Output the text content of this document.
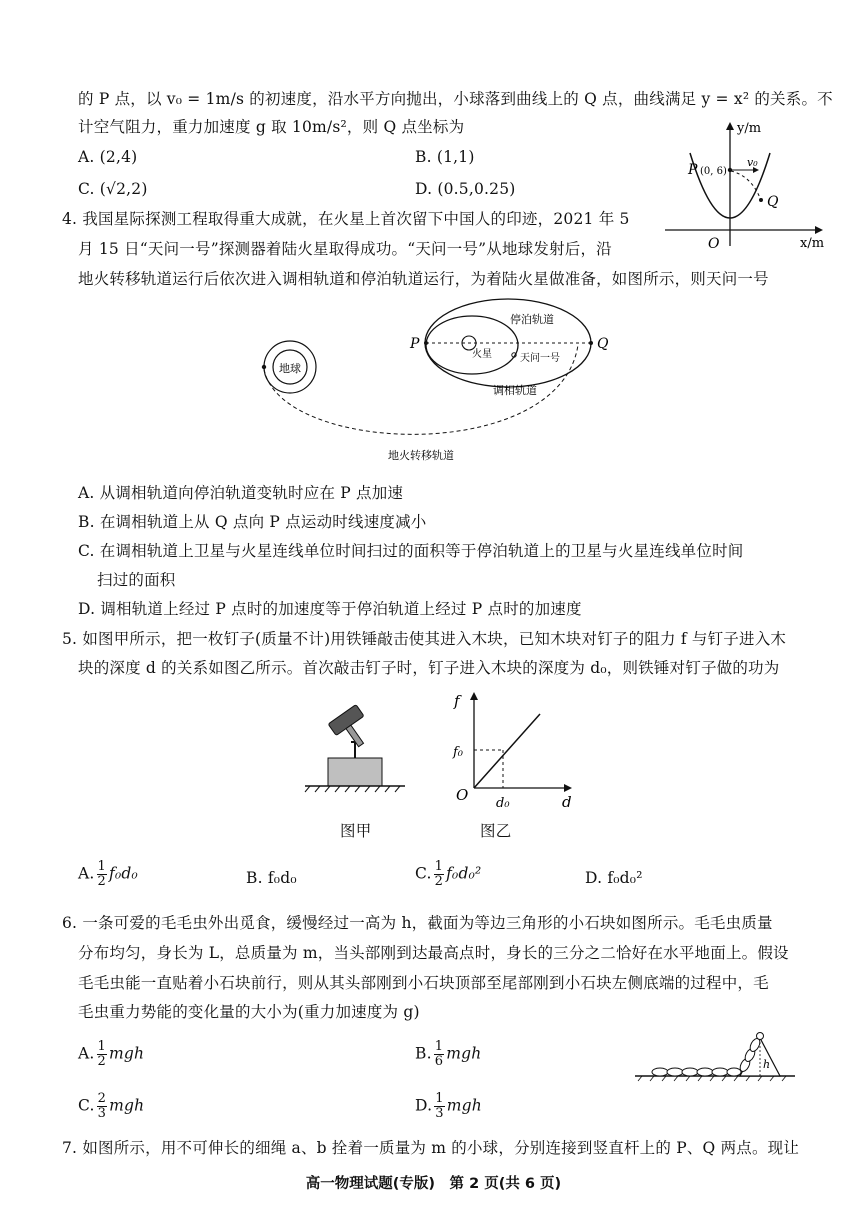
的 P 点，以 v₀ = 1m/s 的初速度，沿水平方向抛出，小球落到曲线上的 Q 点，曲线满足 y = x² 的关系。不
计空气阻力，重力加速度 g 取 10m/s²，则 Q 点坐标为
A. (2,4)	B. (1,1)
C. (√2,2)	D. (0.5,0.25)
y/m
x/m
O
P (0, 6)
v₀
Q
4. 我国星际探测工程取得重大成就，在火星上首次留下中国人的印迹，2021 年 5
月 15 日“天问一号”探测器着陆火星取得成功。“天问一号”从地球发射后，沿
地火转移轨道运行后依次进入调相轨道和停泊轨道运行，为着陆火星做准备，如图所示，则天问一号
地球
P	Q
火星	天问一号
停泊轨道
调相轨道
地火转移轨道
A. 从调相轨道向停泊轨道变轨时应在 P 点加速
B. 在调相轨道上从 Q 点向 P 点运动时线速度减小
C. 在调相轨道上卫星与火星连线单位时间扫过的面积等于停泊轨道上的卫星与火星连线单位时间
扫过的面积
D. 调相轨道上经过 P 点时的加速度等于停泊轨道上经过 P 点时的加速度
5. 如图甲所示，把一枚钉子(质量不计)用铁锤敲击使其进入木块，已知木块对钉子的阻力 f 与钉子进入木
块的深度 d 的关系如图乙所示。首次敲击钉子时，钉子进入木块的深度为 d₀，则铁锤对钉子做的功为
f
d
O
f₀
d₀
图甲	图乙
A. $\frac{1}{2} f_0d_0$	B. f₀d₀	C. $\frac{1}{2} f_0d_0^2$	D. f₀d₀²
6. 一条可爱的毛毛虫外出觅食，缓慢经过一高为 h，截面为等边三角形的小石块如图所示。毛毛虫质量
分布均匀，身长为 L，总质量为 m，当头部刚到达最高点时，身长的三分之二恰好在水平地面上。假设
毛毛虫能一直贴着小石块前行，则从其头部刚到小石块顶部至尾部刚到小石块左侧底端的过程中，毛
毛虫重力势能的变化量的大小为(重力加速度为 g)
A. $\frac{1}{2}$ mgh	B. $\frac{1}{6}$ mgh
C. $\frac{2}{3}$ mgh	D. $\frac{1}{3}$ mgh
h
7. 如图所示，用不可伸长的细绳 a、b 拴着一质量为 m 的小球，分别连接到竖直杆上的 P、Q 两点。现让
高一物理试题(专版)　第 2 页(共 6 页)
